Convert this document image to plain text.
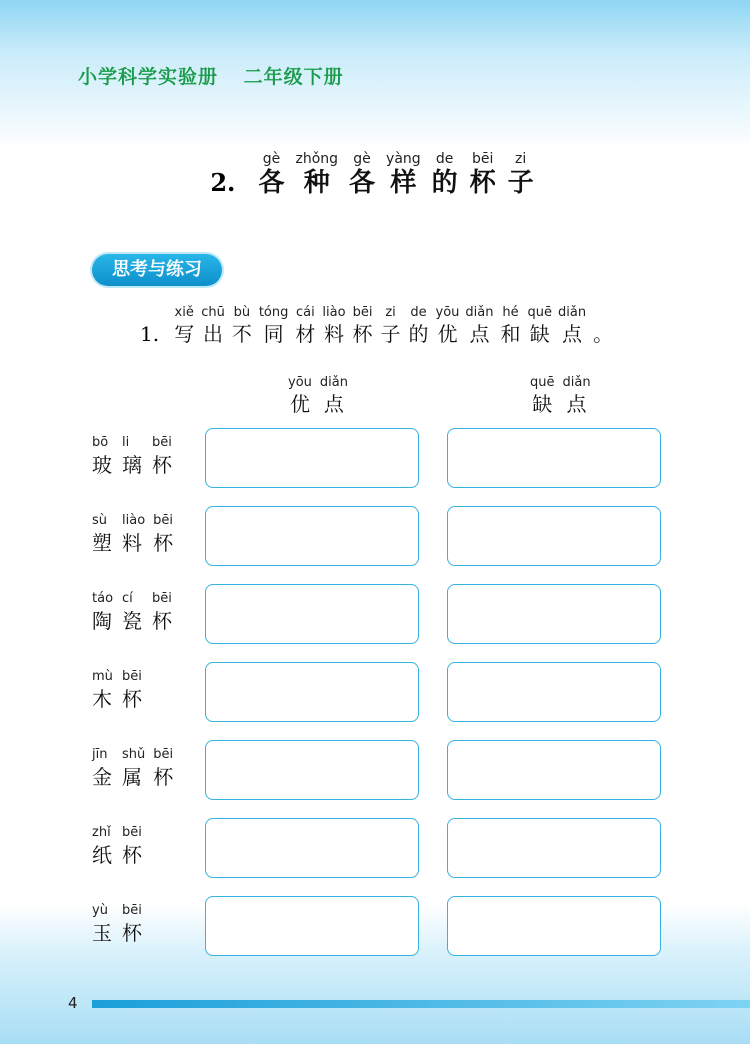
小学科学实验册 二年级下册
2.
gè
各
zhǒng
种
gè
各
yàng
样
de
的
bēi
杯
zi
子
思考与练习
1.
xiě
写
chū
出
bù
不
tóng
同
cái
材
liào
料
bēi
杯
zi
子
de
的
yōu
优
diǎn
点
hé
和
quē
缺
diǎn
点
。
yōu
优
diǎn
点
quē
缺
diǎn
点
bō
玻
li
璃
bēi
杯
sù
塑
liào
料
bēi
杯
táo
陶
cí
瓷
bēi
杯
mù
木
bēi
杯
jīn
金
shǔ
属
bēi
杯
zhǐ
纸
bēi
杯
yù
玉
bēi
杯
4
